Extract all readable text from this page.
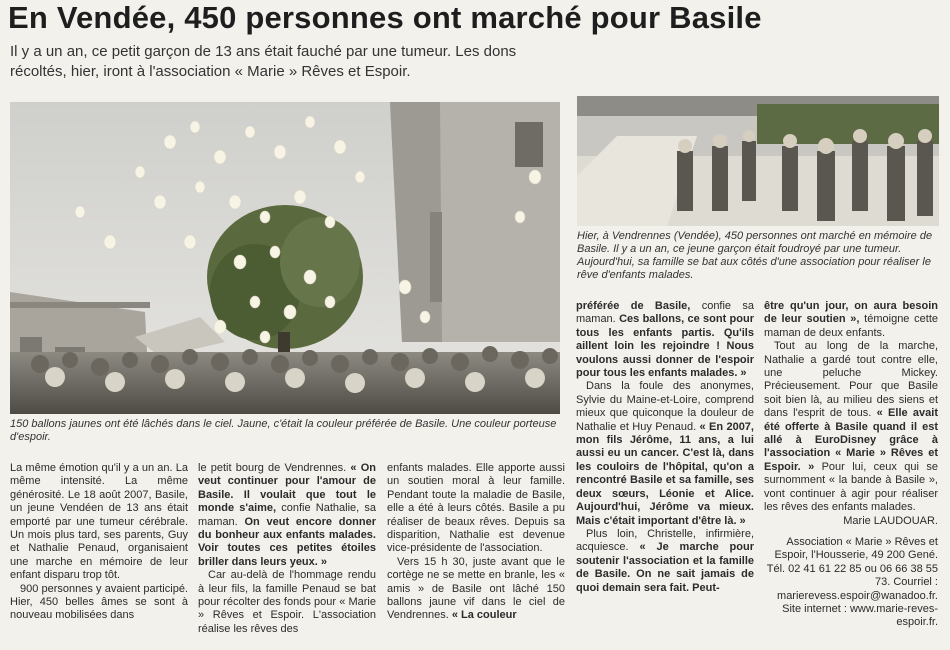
En Vendée, 450 personnes ont marché pour Basile
Il y a un an, ce petit garçon de 13 ans était fauché par une tumeur. Les dons récoltés, hier, iront à l'association « Marie » Rêves et Espoir.
150 ballons jaunes ont été lâchés dans le ciel. Jaune, c'était la couleur préférée de Basile. Une couleur porteuse d'espoir.
Hier, à Vendrennes (Vendée), 450 personnes ont marché en mémoire de Basile. Il y a un an, ce jeune garçon était foudroyé par une tumeur. Aujourd'hui, sa famille se bat aux côtés d'une association pour réaliser le rêve d'enfants malades.

La même émotion qu'il y a un an. La même intensité. La même générosité. Le 18 août 2007, Basile, un jeune Vendéen de 13 ans était emporté par une tumeur cérébrale. Un mois plus tard, ses parents, Guy et Nathalie Penaud, organisaient une marche en mémoire de leur enfant disparu trop tôt.

900 personnes y avaient participé. Hier, 450 belles âmes se sont à nouveau mobilisées dans

le petit bourg de Vendrennes. « On veut continuer pour l'amour de Basile. Il voulait que tout le monde s'aime, confie Nathalie, sa maman. On veut encore donner du bonheur aux enfants malades. Voir toutes ces petites étoiles briller dans leurs yeux. »

Car au-delà de l'hommage rendu à leur fils, la famille Penaud se bat pour récolter des fonds pour « Marie » Rêves et Espoir. L'association réalise les rêves des

enfants malades. Elle apporte aussi un soutien moral à leur famille. Pendant toute la maladie de Basile, elle a été à leurs côtés. Basile a pu réaliser de beaux rêves. Depuis sa disparition, Nathalie est devenue vice-présidente de l'association.

Vers 15 h 30, juste avant que le cortège ne se mette en branle, les « amis » de Basile ont lâché 150 ballons jaune vif dans le ciel de Vendrennes. « La couleur

préférée de Basile, confie sa maman. Ces ballons, ce sont pour tous les enfants partis. Qu'ils aillent loin les rejoindre ! Nous voulons aussi donner de l'espoir pour tous les enfants malades. »

Dans la foule des anonymes, Sylvie du Maine-et-Loire, comprend mieux que quiconque la douleur de Nathalie et Huy Penaud. « En 2007, mon fils Jérôme, 11 ans, a lui aussi eu un cancer. C'est là, dans les couloirs de l'hôpital, qu'on a rencontré Basile et sa famille, ses deux sœurs, Léonie et Alice. Aujourd'hui, Jérôme va mieux. Mais c'était important d'être là. »

Plus loin, Christelle, infirmière, acquiesce. « Je marche pour soutenir l'association et la famille de Basile. On ne sait jamais de quoi demain sera fait. Peut-

être qu'un jour, on aura besoin de leur soutien », témoigne cette maman de deux enfants.

Tout au long de la marche, Nathalie a gardé tout contre elle, une peluche Mickey. Précieusement. Pour que Basile soit bien là, au milieu des siens et dans l'esprit de tous. « Elle avait été offerte à Basile quand il est allé à EuroDisney grâce à l'association « Marie » Rêves et Espoir. » Pour lui, ceux qui se surnomment « la bande à Basile », vont continuer à agir pour réaliser les rêves des enfants malades.

Marie LAUDOUAR.

Association « Marie » Rêves et Espoir, l'Housserie, 49 200 Gené. Tél. 02 41 61 22 85 ou 06 66 38 55 73. Courriel : marierevess.espoir@wanadoo.fr. Site internet : www.marie-reves-espoir.fr.
